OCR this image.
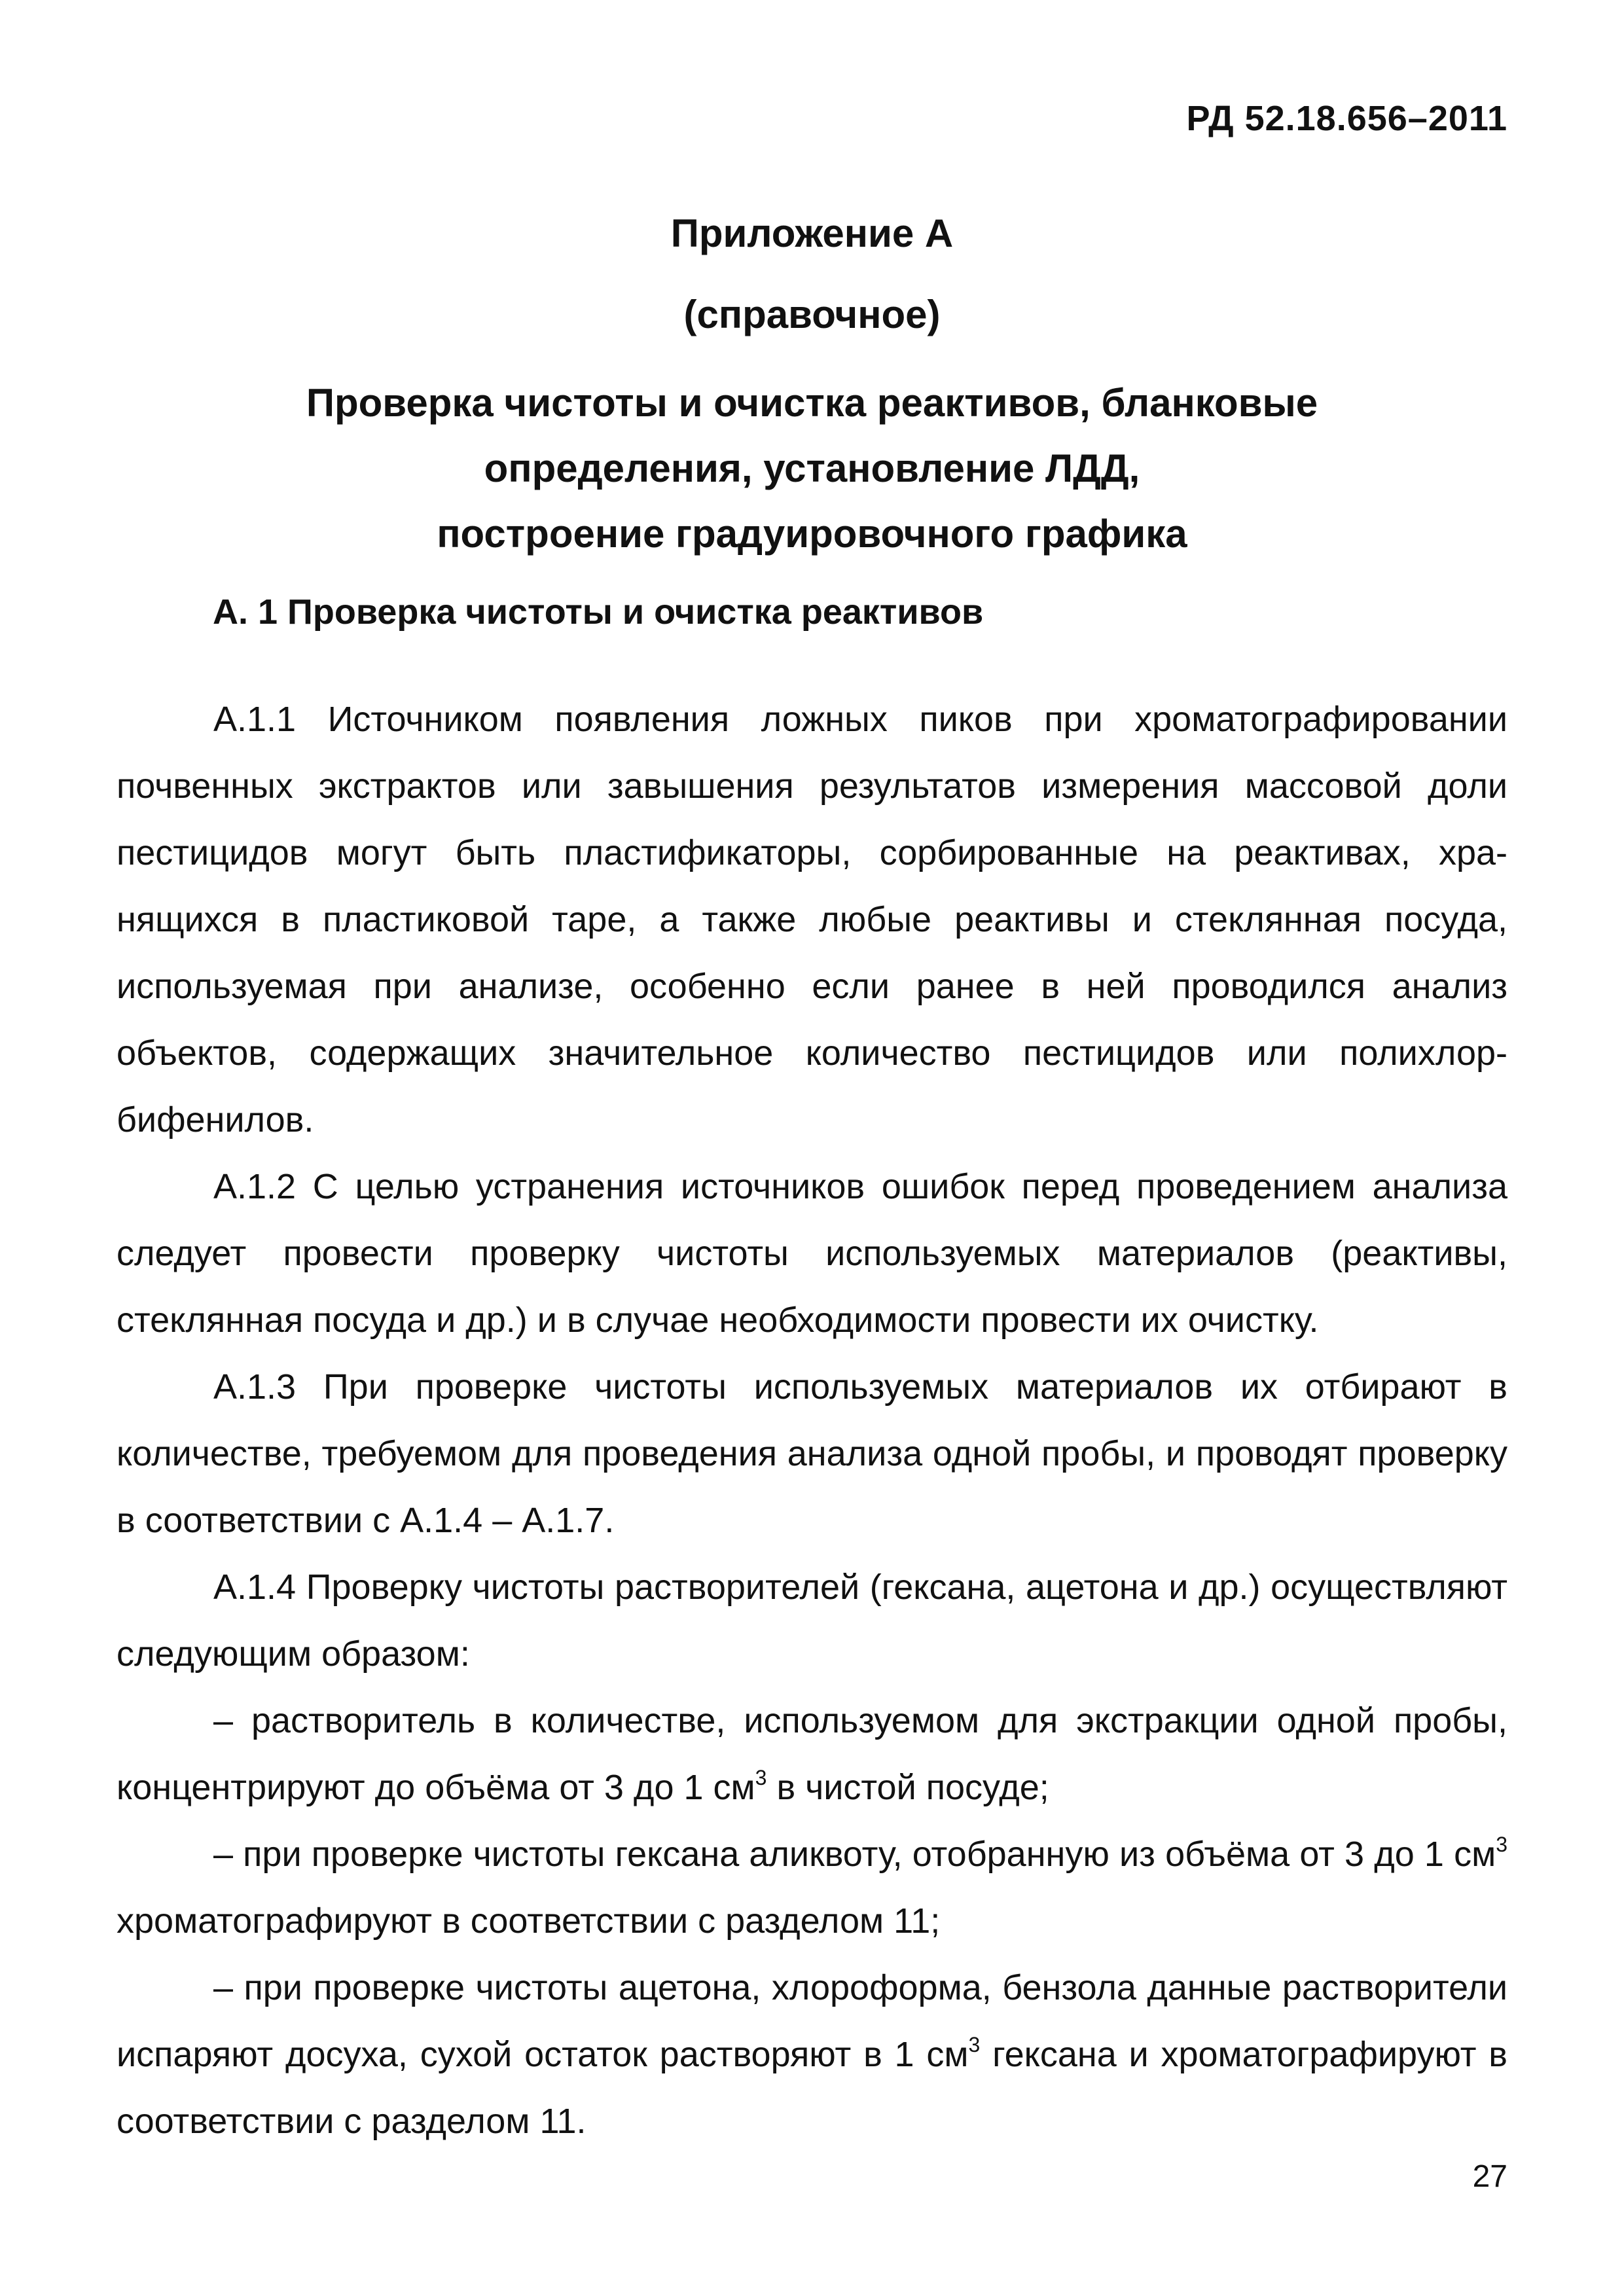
РД 52.18.656–2011
Приложение А
(справочное)
Проверка чистоты и очистка реактивов, бланковые
определения, установление ЛДД,
построение градуировочного графика
А. 1 Проверка чистоты и очистка реактивов

А.1.1 Источником появления ложных пиков при хроматографировании почвенных экстрактов или завышения результатов измерения массовой доли пестицидов могут быть пластификаторы, сорбированные на реактивах, хранящихся в пластиковой таре, а также любые реактивы и стеклянная посуда, используемая при анализе, особенно если ранее в ней проводился анализ объектов, содержащих значительное количество пестицидов или полихлорбифенилов.

А.1.2 С целью устранения источников ошибок перед проведением анализа следует провести проверку чистоты используемых материалов (реактивы, стеклянная посуда и др.) и в случае необходимости провести их очистку.

А.1.3 При проверке чистоты используемых материалов их отбирают в количестве, требуемом для проведения анализа одной пробы, и проводят проверку в соответствии с А.1.4 – А.1.7.

А.1.4 Проверку чистоты растворителей (гексана, ацетона и др.) осуществляют следующим образом:

– растворитель в количестве, используемом для экстракции одной пробы, концентрируют до объёма от 3 до 1 $см^3$ в чистой посуде;

– при проверке чистоты гексана аликвоту, отобранную из объёма от 3 до 1 $см^3$ хроматографируют в соответствии с разделом 11;

– при проверке чистоты ацетона, хлороформа, бензола данные растворители испаряют досуха, сухой остаток растворяют в 1 $см^3$ гексана и хроматографируют в соответствии с разделом 11.

27
